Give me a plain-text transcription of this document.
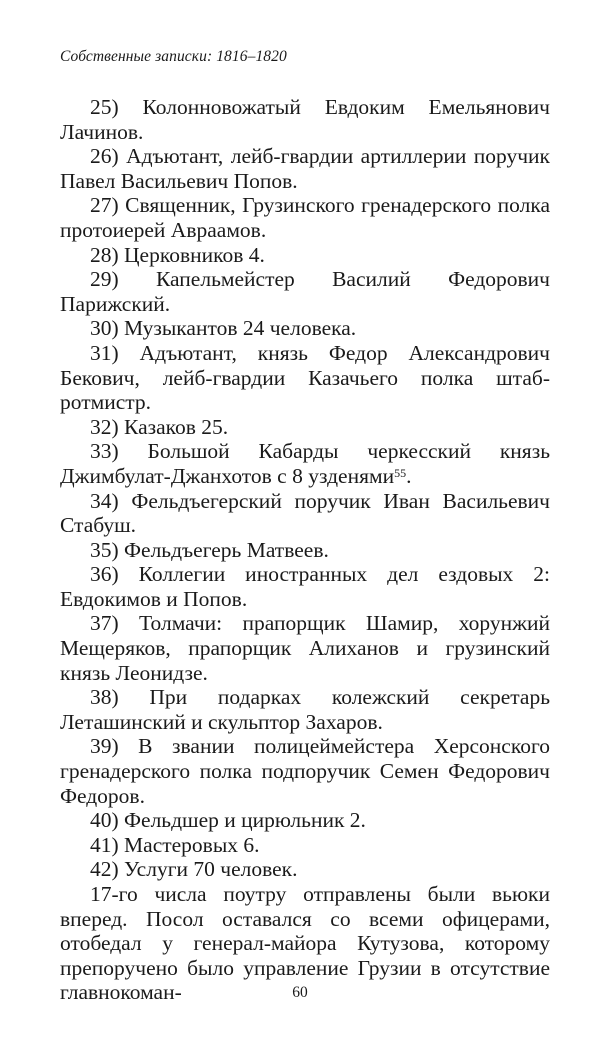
Собственные записки: 1816–1820

25) Колонновожатый Евдоким Емельянович Лачинов.

26) Адъютант, лейб-гвардии артиллерии поручик Павел Васильевич Попов.

27) Священник, Грузинского гренадерского полка протоиерей Авраамов.

28) Церковников 4.

29) Капельмейстер Василий Федорович Парижский.

30) Музыкантов 24 человека.

31) Адъютант, князь Федор Александрович Бекович, лейб-гвардии Казачьего полка штаб-ротмистр.

32) Казаков 25.

33) Большой Кабарды черкесский князь Джимбулат-Джанхотов с 8 узденями$^{55}$.

34) Фельдъегерский поручик Иван Васильевич Стабуш.

35) Фельдъегерь Матвеев.

36) Коллегии иностранных дел ездовых 2: Евдокимов и Попов.

37) Толмачи: прапорщик Шамир, хорунжий Мещеряков, прапорщик Алиханов и грузинский князь Леонидзе.

38) При подарках колежский секретарь Леташинский и скульптор Захаров.

39) В звании полицеймейстера Херсонского гренадерского полка подпоручик Семен Федорович Федоров.

40) Фельдшер и цирюльник 2.

41) Мастеровых 6.

42) Услуги 70 человек.

17-го числа поутру отправлены были вьюки вперед. Посол оставался со всеми офицерами, отобедал у генерал-майора Кутузова, которому препоручено было управление Грузии в отсутствие главнокоман-	60
